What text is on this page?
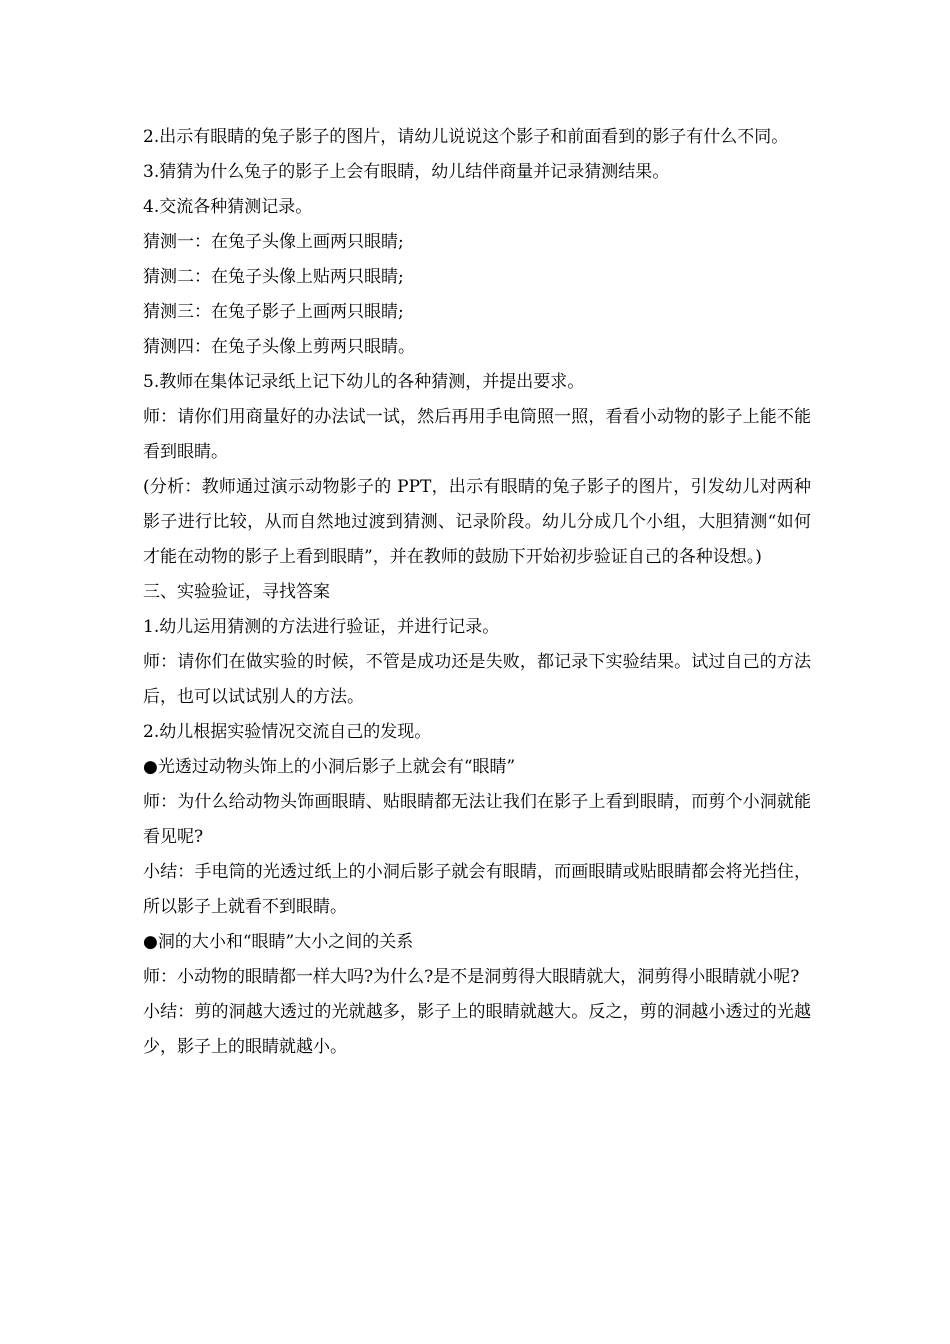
2.出示有眼睛的兔子影子的图片，请幼儿说说这个影子和前面看到的影子有什么不同。

3.猜猜为什么兔子的影子上会有眼睛，幼儿结伴商量并记录猜测结果。

4.交流各种猜测记录。

猜测一：在兔子头像上画两只眼睛;

猜测二：在兔子头像上贴两只眼睛;

猜测三：在兔子影子上画两只眼睛;

猜测四：在兔子头像上剪两只眼睛。

5.教师在集体记录纸上记下幼儿的各种猜测，并提出要求。

师：请你们用商量好的办法试一试，然后再用手电筒照一照，看看小动物的影子上能不能看到眼睛。

(分析：教师通过演示动物影子的 PPT，出示有眼睛的兔子影子的图片，引发幼儿对两种影子进行比较，从而自然地过渡到猜测、记录阶段。幼儿分成几个小组，大胆猜测“如何才能在动物的影子上看到眼睛”，并在教师的鼓励下开始初步验证自己的各种设想。)

三、实验验证，寻找答案

1.幼儿运用猜测的方法进行验证，并进行记录。

师：请你们在做实验的时候，不管是成功还是失败，都记录下实验结果。试过自己的方法后，也可以试试别人的方法。

2.幼儿根据实验情况交流自己的发现。

●光透过动物头饰上的小洞后影子上就会有“眼睛”

师：为什么给动物头饰画眼睛、贴眼睛都无法让我们在影子上看到眼睛，而剪个小洞就能看见呢?

小结：手电筒的光透过纸上的小洞后影子就会有眼睛，而画眼睛或贴眼睛都会将光挡住，所以影子上就看不到眼睛。

●洞的大小和“眼睛”大小之间的关系

师：小动物的眼睛都一样大吗?为什么?是不是洞剪得大眼睛就大，洞剪得小眼睛就小呢?

小结：剪的洞越大透过的光就越多，影子上的眼睛就越大。反之，剪的洞越小透过的光越少，影子上的眼睛就越小。
